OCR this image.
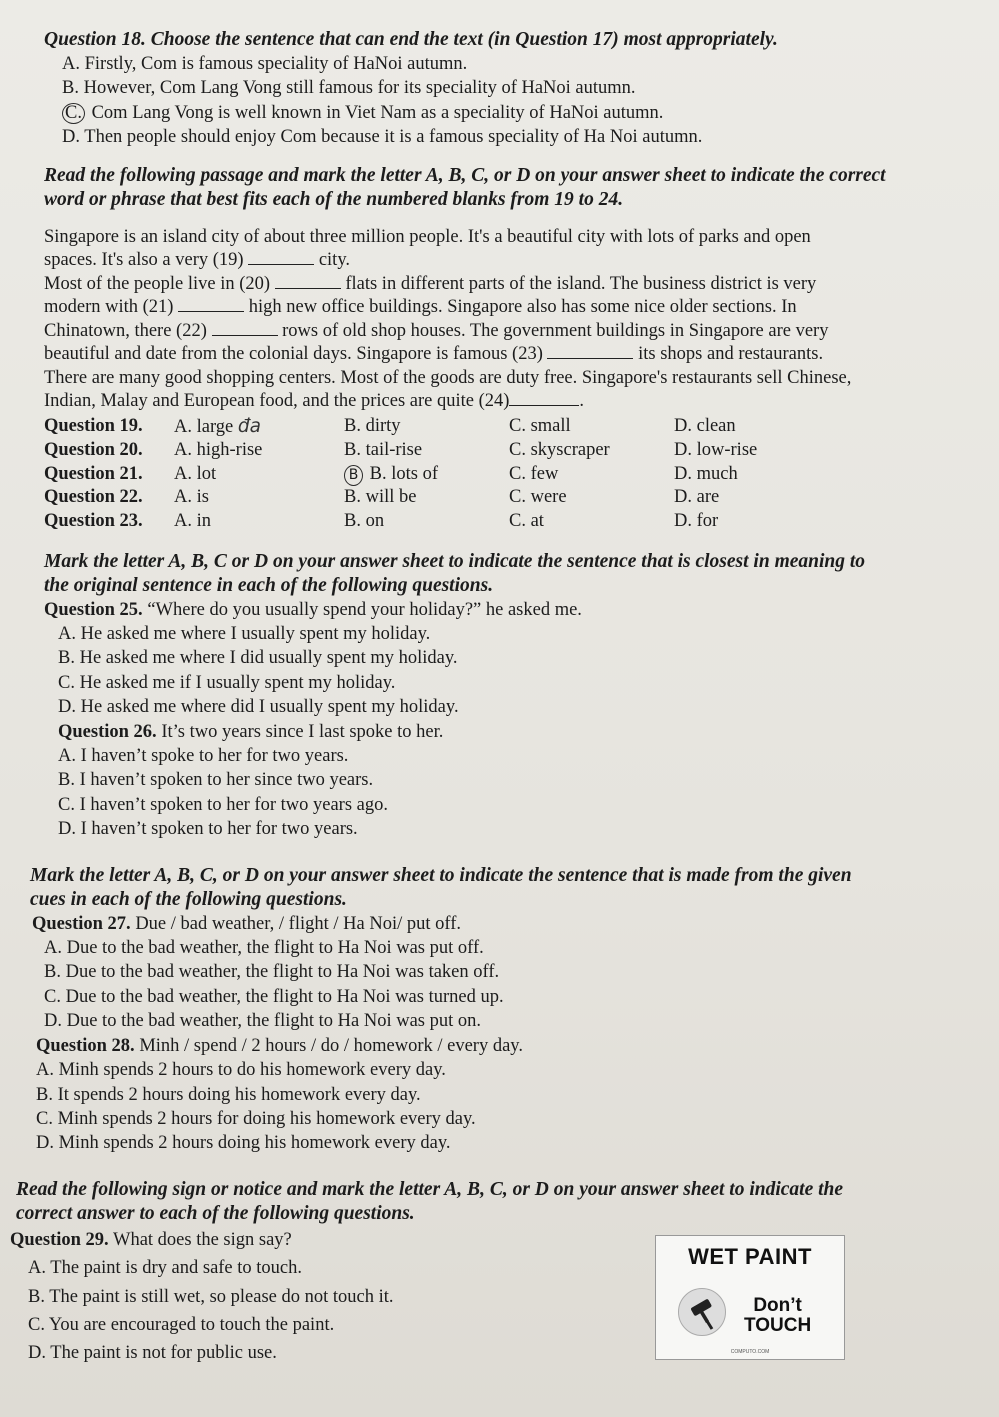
Question 18. Choose the sentence that can end the text (in Question 17) most appropriately.
A. Firstly, Com is famous speciality of HaNoi autumn.
B. However, Com Lang Vong still famous for its speciality of HaNoi autumn.
C. Com Lang Vong is well known in Viet Nam as a speciality of HaNoi autumn.
D. Then people should enjoy Com because it is a famous speciality of Ha Noi autumn.
Read the following passage and mark the letter A, B, C, or D on your answer sheet to indicate the correct
word or phrase that best fits each of the numbered blanks from 19 to 24.
Singapore is an island city of about three million people. It's a beautiful city with lots of parks and open
spaces. It's also a very (19)	city.
Most of the people live in (20)	flats in different parts of the island. The business district is very
modern with (21)	high new office buildings. Singapore also has some nice older sections. In
Chinatown, there (22)	rows of old shop houses. The government buildings in Singapore are very
beautiful and date from the colonial days. Singapore is famous (23)	its shops and restaurants.
There are many good shopping centers. Most of the goods are duty free. Singapore's restaurants sell Chinese,
Indian, Malay and European food, and the prices are quite (24)	.
Question 19.	A. large đa	B. dirty	C. small	D. clean
Question 20.	A. high-rise	B. tail-rise	C. skyscraper	D. low-rise
Question 21.	A. lot	B B. lots of	C. few	D. much
Question 22.	A. is	B. will be	C. were	D. are
Question 23.	A. in	B. on	C. at	D. for
Mark the letter A, B, C or D on your answer sheet to indicate the sentence that is closest in meaning to
the original sentence in each of the following questions.
Question 25. “Where do you usually spend your holiday?” he asked me.
A. He asked me where I usually spent my holiday.
B. He asked me where I did usually spent my holiday.
C. He asked me if I usually spent my holiday.
D. He asked me where did I usually spent my holiday.
Question 26. It’s two years since I last spoke to her.
A. I haven’t spoke to her for two years.
B. I haven’t spoken to her since two years.
C. I haven’t spoken to her for two years ago.
D. I haven’t spoken to her for two years.
Mark the letter A, B, C, or D on your answer sheet to indicate the sentence that is made from the given
cues in each of the following questions.
Question 27. Due / bad weather, / flight / Ha Noi/ put off.
A. Due to the bad weather, the flight to Ha Noi was put off.
B. Due to the bad weather, the flight to Ha Noi was taken off.
C. Due to the bad weather, the flight to Ha Noi was turned up.
D. Due to the bad weather, the flight to Ha Noi was put on.
Question 28. Minh / spend / 2 hours / do / homework / every day.
A. Minh spends 2 hours to do his homework every day.
B. It spends 2 hours doing his homework every day.
C. Minh spends 2 hours for doing his homework every day.
D. Minh spends 2 hours doing his homework every day.
Read the following sign or notice and mark the letter A, B, C, or D on your answer sheet to indicate the
correct answer to each of the following questions.
Question 29. What does the sign say?
A. The paint is dry and safe to touch.
B. The paint is still wet, so please do not touch it.
C. You are encouraged to touch the paint.
D. The paint is not for public use.
WET PAINT
Don’t
TOUCH
COMPUTO.COM
